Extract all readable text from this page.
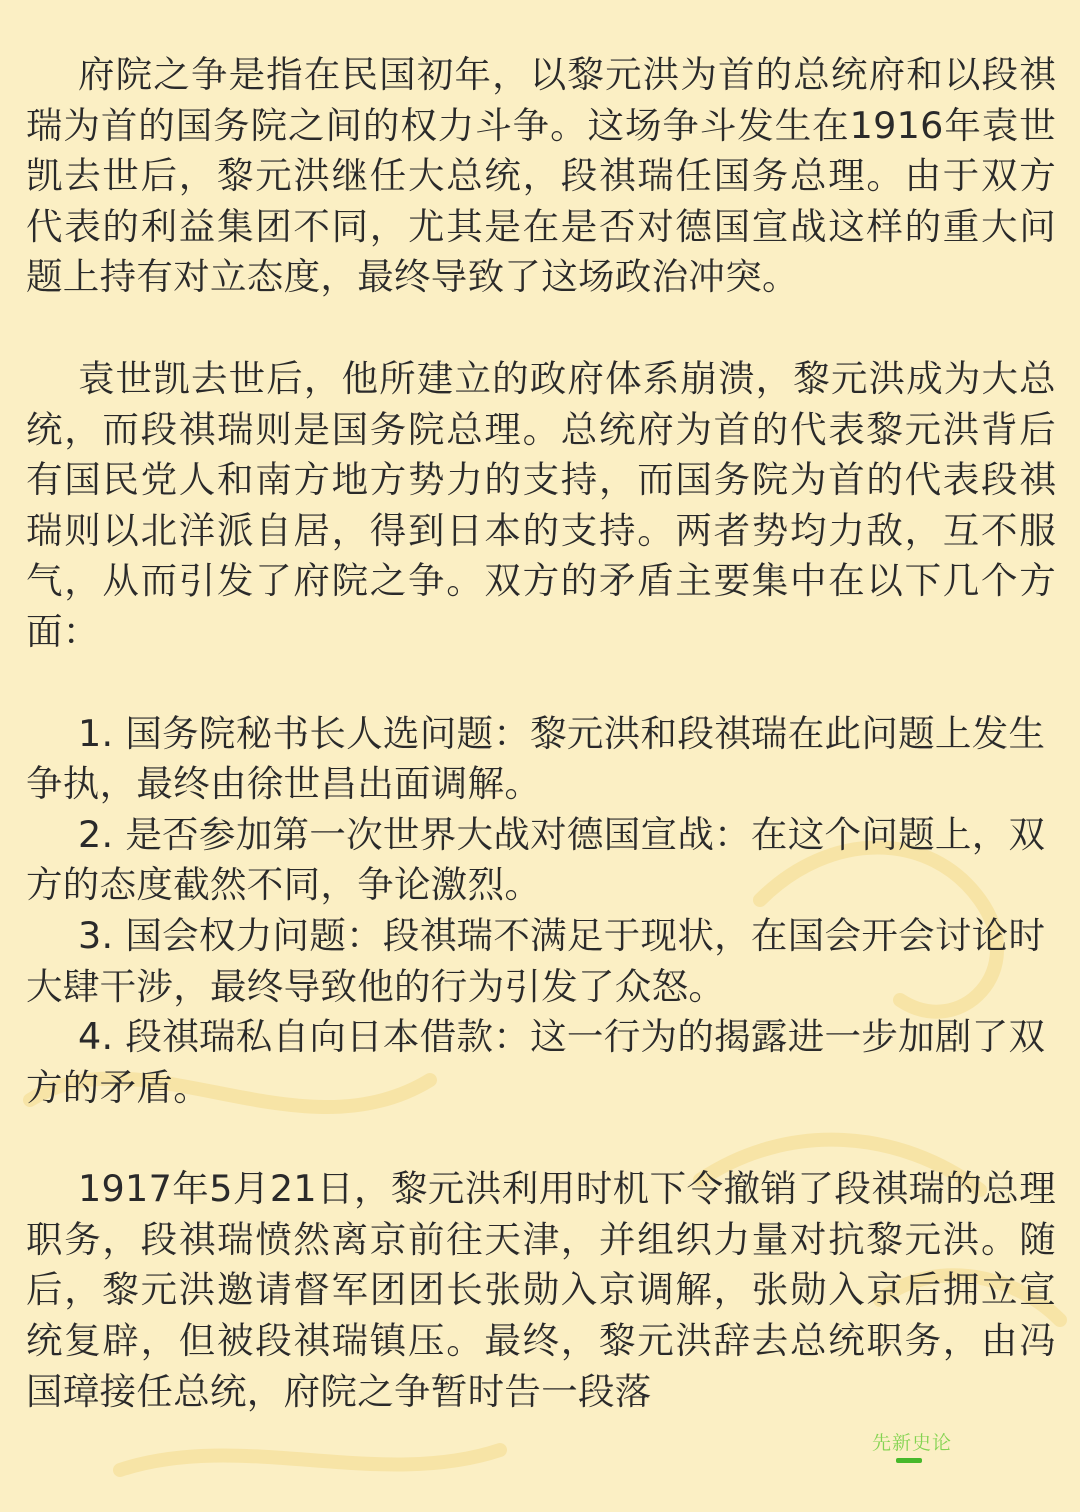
府院之争是指在民国初年，以黎元洪为首的总统府和以段祺瑞为首的国务院之间的权力斗争。这场争斗发生在1916年袁世凯去世后，黎元洪继任大总统，段祺瑞任国务总理。由于双方代表的利益集团不同，尤其是在是否对德国宣战这样的重大问题上持有对立态度，最终导致了这场政治冲突。

袁世凯去世后，他所建立的政府体系崩溃，黎元洪成为大总统，而段祺瑞则是国务院总理。总统府为首的代表黎元洪背后有国民党人和南方地方势力的支持，而国务院为首的代表段祺瑞则以北洋派自居，得到日本的支持。两者势均力敌，互不服气，从而引发了府院之争。双方的矛盾主要集中在以下几个方面：

1. 国务院秘书长人选问题：黎元洪和段祺瑞在此问题上发生争执，最终由徐世昌出面调解。

2. 是否参加第一次世界大战对德国宣战：在这个问题上，双方的态度截然不同，争论激烈。

3. 国会权力问题：段祺瑞不满足于现状，在国会开会讨论时大肆干涉，最终导致他的行为引发了众怒。

4. 段祺瑞私自向日本借款：这一行为的揭露进一步加剧了双方的矛盾。

1917年5月21日，黎元洪利用时机下令撤销了段祺瑞的总理职务，段祺瑞愤然离京前往天津，并组织力量对抗黎元洪。随后，黎元洪邀请督军团团长张勋入京调解，张勋入京后拥立宣统复辟，但被段祺瑞镇压。最终，黎元洪辞去总统职务，由冯国璋接任总统，府院之争暂时告一段落

先新史论
